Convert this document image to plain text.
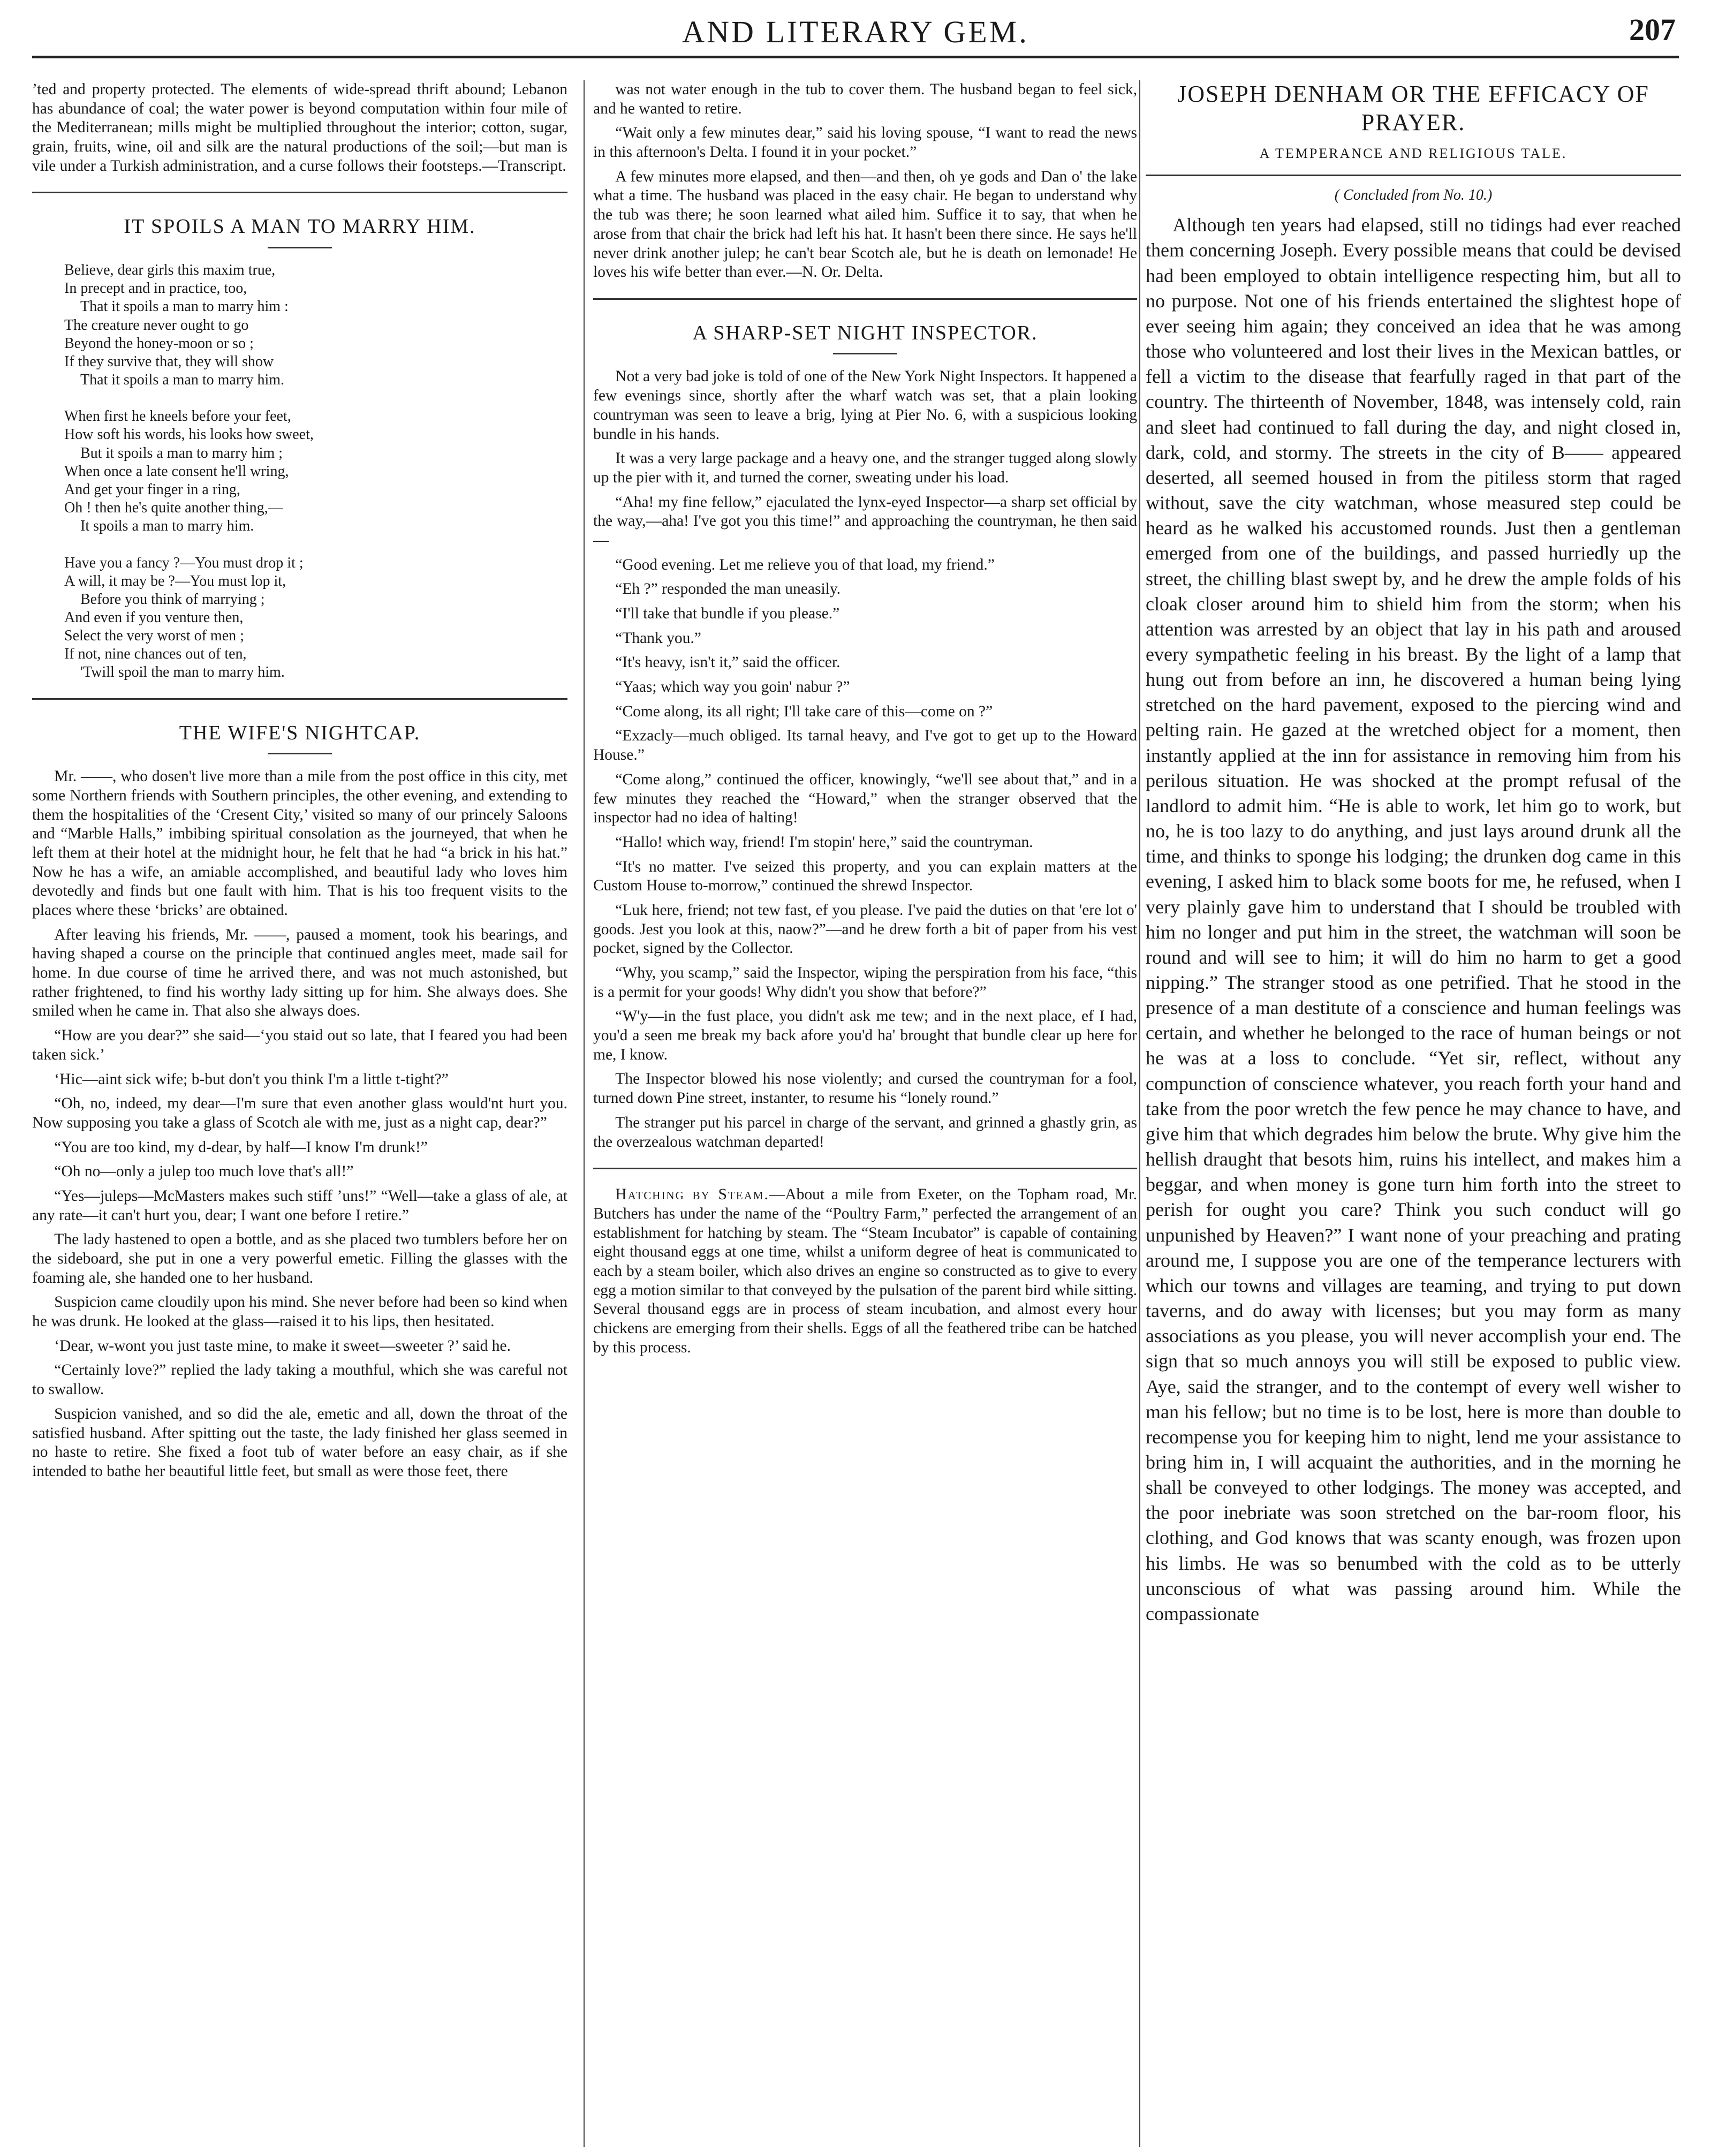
AND LITERARY GEM.	207

’ted and property protected. The elements of wide-spread thrift abound; Lebanon has abundance of coal; the water power is beyond computation within four mile of the Mediterranean; mills might be multiplied throughout the interior; cotton, sugar, grain, fruits, wine, oil and silk are the natural productions of the soil;—but man is vile under a Turkish administration, and a curse follows their footsteps.—Transcript.

IT SPOILS A MAN TO MARRY HIM.
Believe, dear girls this maxim true,
In precept and in practice, too,
That it spoils a man to marry him :
The creature never ought to go
Beyond the honey-moon or so ;
If they survive that, they will show
That it spoils a man to marry him.

When first he kneels before your feet,
How soft his words, his looks how sweet,
But it spoils a man to marry him ;
When once a late consent he'll wring,
And get your finger in a ring,
Oh ! then he's quite another thing,—
It spoils a man to marry him.

Have you a fancy ?—You must drop it ;
A will, it may be ?—You must lop it,
Before you think of marrying ;
And even if you venture then,
Select the very worst of men ;
If not, nine chances out of ten,
'Twill spoil the man to marry him.
THE WIFE'S NIGHTCAP.

Mr. ——, who dosen't live more than a mile from the post office in this city, met some Northern friends with Southern principles, the other evening, and extending to them the hospitalities of the ‘Cresent City,’ visited so many of our princely Saloons and “Marble Halls,” imbibing spiritual consolation as the journeyed, that when he left them at their hotel at the midnight hour, he felt that he had “a brick in his hat.” Now he has a wife, an amiable accomplished, and beautiful lady who loves him devotedly and finds but one fault with him. That is his too frequent visits to the places where these ‘bricks’ are obtained.

After leaving his friends, Mr. ——, paused a moment, took his bearings, and having shaped a course on the principle that continued angles meet, made sail for home. In due course of time he arrived there, and was not much astonished, but rather frightened, to find his worthy lady sitting up for him. She always does. She smiled when he came in. That also she always does.

“How are you dear?” she said—‘you staid out so late, that I feared you had been taken sick.’

‘Hic—aint sick wife; b-but don't you think I'm a little t-tight?”

“Oh, no, indeed, my dear—I'm sure that even another glass would'nt hurt you. Now supposing you take a glass of Scotch ale with me, just as a night cap, dear?”

“You are too kind, my d-dear, by half—I know I'm drunk!”

“Oh no—only a julep too much love that's all!”

“Yes—juleps—McMasters makes such stiff ’uns!” “Well—take a glass of ale, at any rate—it can't hurt you, dear; I want one before I retire.”

The lady hastened to open a bottle, and as she placed two tumblers before her on the sideboard, she put in one a very powerful emetic. Filling the glasses with the foaming ale, she handed one to her husband.

Suspicion came cloudily upon his mind. She never before had been so kind when he was drunk. He looked at the glass—raised it to his lips, then hesitated.

‘Dear, w-wont you just taste mine, to make it sweet—sweeter ?’ said he.

“Certainly love?” replied the lady taking a mouthful, which she was careful not to swallow.

Suspicion vanished, and so did the ale, emetic and all, down the throat of the satisfied husband. After spitting out the taste, the lady finished her glass seemed in no haste to retire. She fixed a foot tub of water before an easy chair, as if she intended to bathe her beautiful little feet, but small as were those feet, there

was not water enough in the tub to cover them. The husband began to feel sick, and he wanted to retire.

“Wait only a few minutes dear,” said his loving spouse, “I want to read the news in this afternoon's Delta. I found it in your pocket.”

A few minutes more elapsed, and then—and then, oh ye gods and Dan o' the lake what a time. The husband was placed in the easy chair. He began to understand why the tub was there; he soon learned what ailed him. Suffice it to say, that when he arose from that chair the brick had left his hat. It hasn't been there since. He says he'll never drink another julep; he can't bear Scotch ale, but he is death on lemonade! He loves his wife better than ever.—N. Or. Delta.

A SHARP-SET NIGHT INSPECTOR.

Not a very bad joke is told of one of the New York Night Inspectors. It happened a few evenings since, shortly after the wharf watch was set, that a plain looking countryman was seen to leave a brig, lying at Pier No. 6, with a suspicious looking bundle in his hands.

It was a very large package and a heavy one, and the stranger tugged along slowly up the pier with it, and turned the corner, sweating under his load.

“Aha! my fine fellow,” ejaculated the lynx-eyed Inspector—a sharp set official by the way,—aha! I've got you this time!” and approaching the countryman, he then said—

“Good evening. Let me relieve you of that load, my friend.”

“Eh ?” responded the man uneasily.

“I'll take that bundle if you please.”

“Thank you.”

“It's heavy, isn't it,” said the officer.

“Yaas; which way you goin' nabur ?”

“Come along, its all right; I'll take care of this—come on ?”

“Exzacly—much obliged. Its tarnal heavy, and I've got to get up to the Howard House.”

“Come along,” continued the officer, knowingly, “we'll see about that,” and in a few minutes they reached the “Howard,” when the stranger observed that the inspector had no idea of halting!

“Hallo! which way, friend! I'm stopin' here,” said the countryman.

“It's no matter. I've seized this property, and you can explain matters at the Custom House to-morrow,” continued the shrewd Inspector.

“Luk here, friend; not tew fast, ef you please. I've paid the duties on that 'ere lot o' goods. Jest you look at this, naow?”—and he drew forth a bit of paper from his vest pocket, signed by the Collector.

“Why, you scamp,” said the Inspector, wiping the perspiration from his face, “this is a permit for your goods! Why didn't you show that before?”

“W'y—in the fust place, you didn't ask me tew; and in the next place, ef I had, you'd a seen me break my back afore you'd ha' brought that bundle clear up here for me, I know.

The Inspector blowed his nose violently; and cursed the countryman for a fool, turned down Pine street, instanter, to resume his “lonely round.”

The stranger put his parcel in charge of the servant, and grinned a ghastly grin, as the overzealous watchman departed!

Hatching by Steam.—About a mile from Exeter, on the Topham road, Mr. Butchers has under the name of the “Poultry Farm,” perfected the arrangement of an establishment for hatching by steam. The “Steam Incubator” is capable of containing eight thousand eggs at one time, whilst a uniform degree of heat is communicated to each by a steam boiler, which also drives an engine so constructed as to give to every egg a motion similar to that conveyed by the pulsation of the parent bird while sitting. Several thousand eggs are in process of steam incubation, and almost every hour chickens are emerging from their shells. Eggs of all the feathered tribe can be hatched by this process.

JOSEPH DENHAM OR THE EFFICACY OF PRAYER.
A TEMPERANCE AND RELIGIOUS TALE.
( Concluded from No. 10.)

Although ten years had elapsed, still no tidings had ever reached them concerning Joseph. Every possible means that could be devised had been employed to obtain intelligence respecting him, but all to no purpose. Not one of his friends entertained the slightest hope of ever seeing him again; they conceived an idea that he was among those who volunteered and lost their lives in the Mexican battles, or fell a victim to the disease that fearfully raged in that part of the country. The thirteenth of November, 1848, was intensely cold, rain and sleet had continued to fall during the day, and night closed in, dark, cold, and stormy. The streets in the city of B—— appeared deserted, all seemed housed in from the pitiless storm that raged without, save the city watchman, whose measured step could be heard as he walked his accustomed rounds. Just then a gentleman emerged from one of the buildings, and passed hurriedly up the street, the chilling blast swept by, and he drew the ample folds of his cloak closer around him to shield him from the storm; when his attention was arrested by an object that lay in his path and aroused every sympathetic feeling in his breast. By the light of a lamp that hung out from before an inn, he discovered a human being lying stretched on the hard pavement, exposed to the piercing wind and pelting rain. He gazed at the wretched object for a moment, then instantly applied at the inn for assistance in removing him from his perilous situation. He was shocked at the prompt refusal of the landlord to admit him. “He is able to work, let him go to work, but no, he is too lazy to do anything, and just lays around drunk all the time, and thinks to sponge his lodging; the drunken dog came in this evening, I asked him to black some boots for me, he refused, when I very plainly gave him to understand that I should be troubled with him no longer and put him in the street, the watchman will soon be round and will see to him; it will do him no harm to get a good nipping.” The stranger stood as one petrified. That he stood in the presence of a man destitute of a conscience and human feelings was certain, and whether he belonged to the race of human beings or not he was at a loss to conclude. “Yet sir, reflect, without any compunction of conscience whatever, you reach forth your hand and take from the poor wretch the few pence he may chance to have, and give him that which degrades him below the brute. Why give him the hellish draught that besots him, ruins his intellect, and makes him a beggar, and when money is gone turn him forth into the street to perish for ought you care? Think you such conduct will go unpunished by Heaven?” I want none of your preaching and prating around me, I suppose you are one of the temperance lecturers with which our towns and villages are teaming, and trying to put down taverns, and do away with licenses; but you may form as many associations as you please, you will never accomplish your end. The sign that so much annoys you will still be exposed to public view. Aye, said the stranger, and to the contempt of every well wisher to man his fellow; but no time is to be lost, here is more than double to recompense you for keeping him to night, lend me your assistance to bring him in, I will acquaint the authorities, and in the morning he shall be conveyed to other lodgings. The money was accepted, and the poor inebriate was soon stretched on the bar-room floor, his clothing, and God knows that was scanty enough, was frozen upon his limbs. He was so benumbed with the cold as to be utterly unconscious of what was passing around him. While the compassionate
